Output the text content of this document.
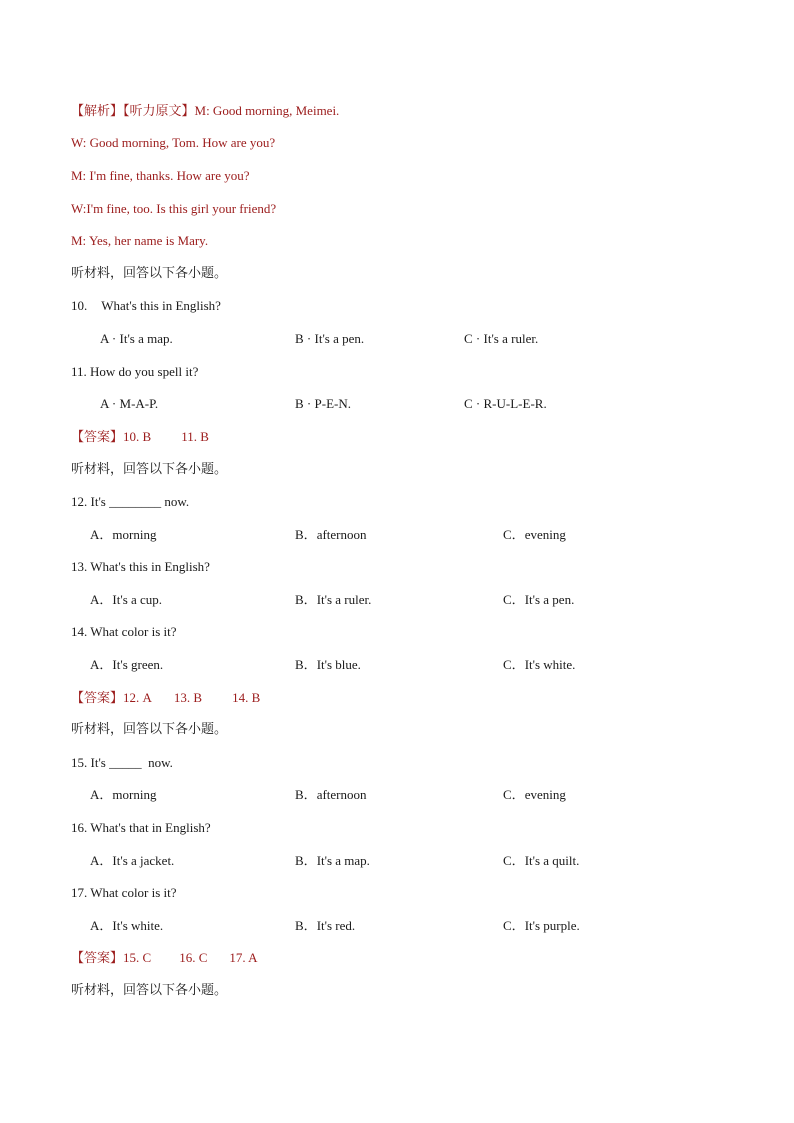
【解析】【听力原文】M: Good morning, Meimei.
W: Good morning, Tom. How are you?
M: I'm fine, thanks. How are you?
W:I'm fine, too. Is this girl your friend?
M: Yes, her name is Mary.
听材料，回答以下各小题。
10. What's this in English?
A · It's a map.	B · It's a pen.	C · It's a ruler.
11. How do you spell it?
A · M-A-P.	B · P-E-N.	C · R-U-L-E-R.
【答案】10. B 11. B
听材料，回答以下各小题。
12. It's ________ now.
A．morning	B．afternoon	C．evening
13. What's this in English?
A．It's a cup.	B．It's a ruler.	C．It's a pen.
14. What color is it?
A．It's green.	B．It's blue.	C．It's white.
【答案】12. A 13. B 14. B
听材料，回答以下各小题。
15. It's _____ now.
A．morning	B．afternoon	C．evening
16. What's that in English?
A．It's a jacket.	B．It's a map.	C．It's a quilt.
17. What color is it?
A．It's white.	B．It's red.	C．It's purple.
【答案】15. C 16. C 17. A
听材料，回答以下各小题。
